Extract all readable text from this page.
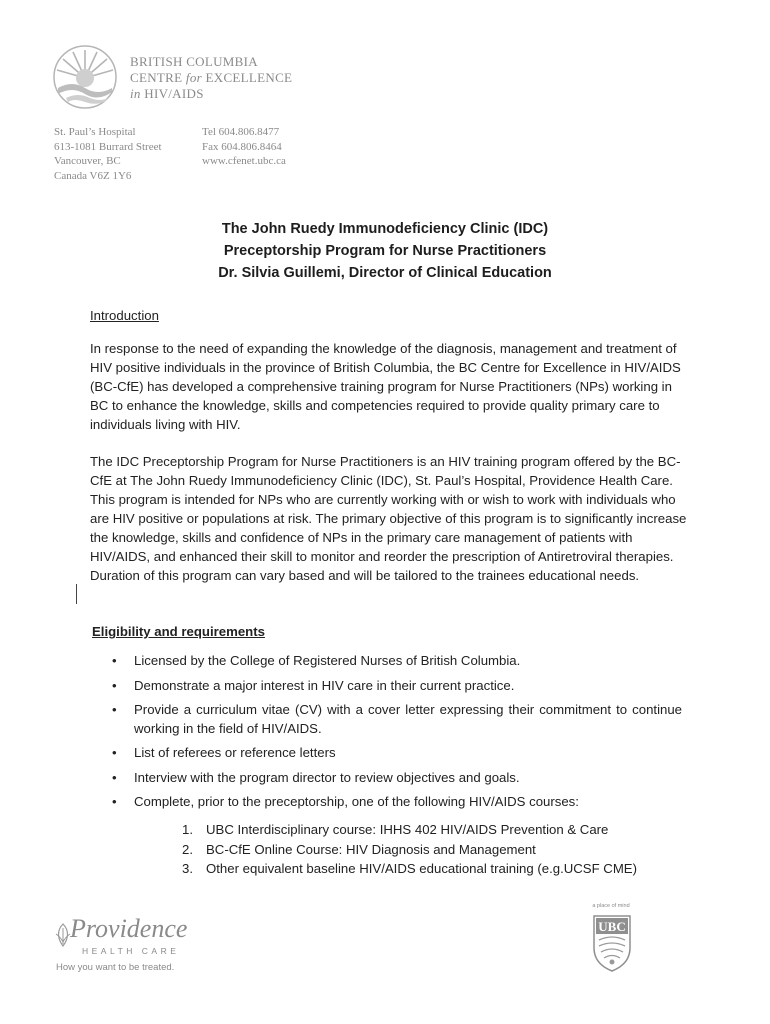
BRITISH COLUMBIA
CENTRE for EXCELLENCE
in HIV/AIDS
St. Paul’s Hospital
613-1081 Burrard Street
Vancouver, BC
Canada V6Z 1Y6
Tel 604.806.8477
Fax 604.806.8464
www.cfenet.ubc.ca
The John Ruedy Immunodeficiency Clinic (IDC)
Preceptorship Program for Nurse Practitioners
Dr. Silvia Guillemi, Director of Clinical Education
Introduction
In response to the need of expanding the knowledge of the diagnosis, management and treatment of HIV positive individuals in the province of British Columbia, the BC Centre for Excellence in HIV/AIDS (BC-CfE) has developed a comprehensive training program for Nurse Practitioners (NPs) working in BC to enhance the knowledge, skills and competencies required to provide quality primary care to individuals living with HIV.
The IDC Preceptorship Program for Nurse Practitioners is an HIV training program offered by the BC-CfE at The John Ruedy Immunodeficiency Clinic (IDC), St. Paul’s Hospital, Providence Health Care. This program is intended for NPs who are currently working with or wish to work with individuals who are HIV positive or populations at risk. The primary objective of this program is to significantly increase the knowledge, skills and confidence of NPs in the primary care management of patients with HIV/AIDS, and enhanced their skill to monitor and reorder the prescription of Antiretroviral therapies. Duration of this program can vary based and will be tailored to the trainees educational needs.
Eligibility and requirements
• Licensed by the College of Registered Nurses of British Columbia.
• Demonstrate a major interest in HIV care in their current practice.
• Provide a curriculum vitae (CV) with a cover letter expressing their commitment to continue working in the field of HIV/AIDS.
• List of referees or reference letters
• Interview with the program director to review objectives and goals.
• Complete, prior to the preceptorship, one of the following HIV/AIDS courses:
1. UBC Interdisciplinary course: IHHS 402 HIV/AIDS Prevention & Care
2. BC-CfE Online Course: HIV Diagnosis and Management
3. Other equivalent baseline HIV/AIDS educational training (e.g.UCSF CME)
Providence
HEALTH CARE
How you want to be treated.
a place of mind
UBC
